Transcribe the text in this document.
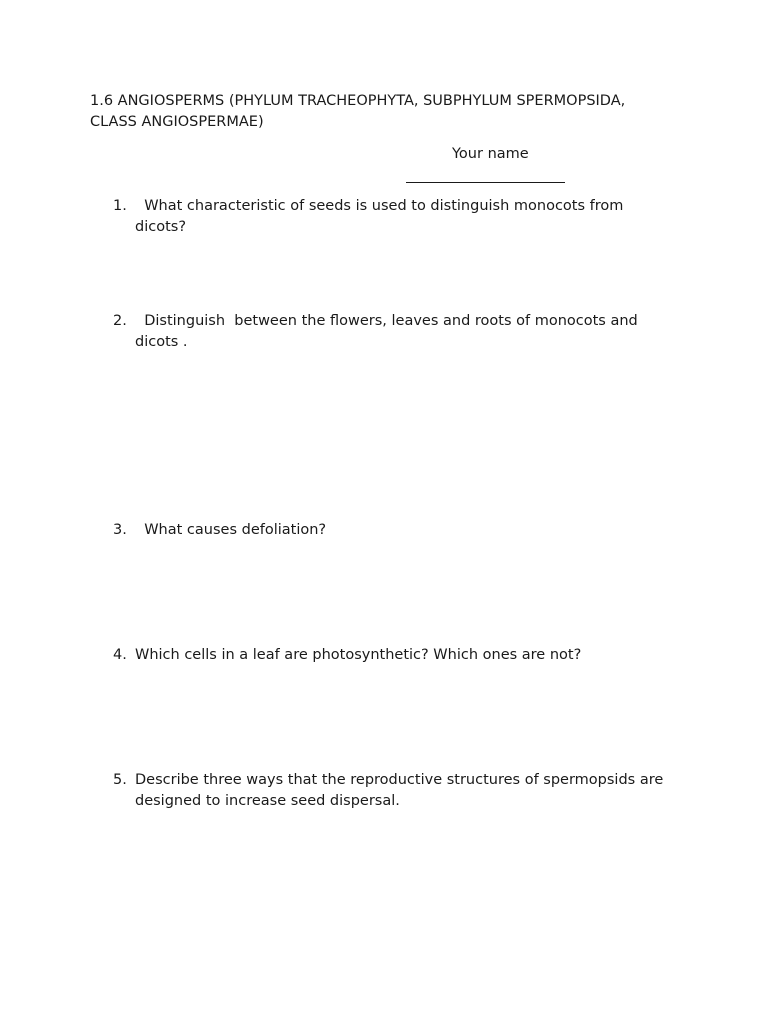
1.6 ANGIOSPERMS (PHYLUM TRACHEOPHYTA, SUBPHYLUM SPERMOPSIDA,
CLASS ANGIOSPERMAE)
Your name
1. What characteristic of seeds is used to distinguish monocots from dicots?
2. Distinguish  between the flowers, leaves and roots of monocots and dicots .
3. What causes defoliation?
4. Which cells in a leaf are photosynthetic? Which ones are not?
5. Describe three ways that the reproductive structures of spermopsids are designed to increase seed dispersal.
